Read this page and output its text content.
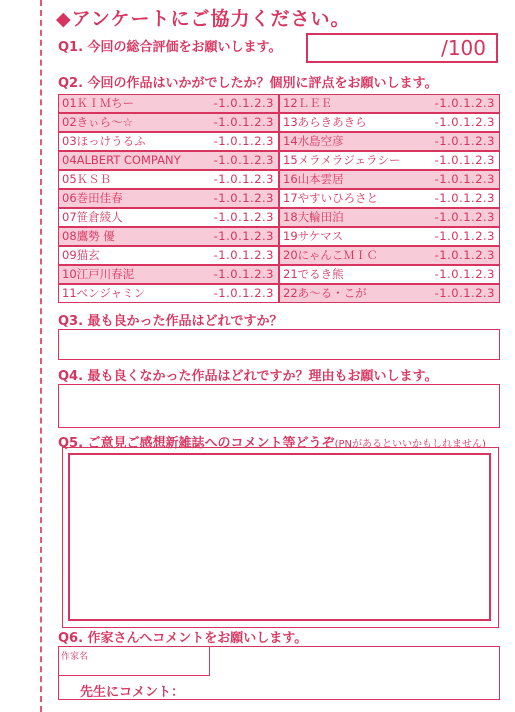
◆アンケートにご協力ください。
Q1. 今回の総合評価をお願いします。	/100
Q2. 今回の作品はいかがでしたか？個別に評点をお願いします。
01ＫＩＭちー	-1.0.1.2.3
02きぃら～☆	-1.0.1.2.3
03ほっけうるふ	-1.0.1.2.3
04ALBERT COMPANY	-1.0.1.2.3
05ＫＳＢ	-1.0.1.2.3
06巻田佳春	-1.0.1.2.3
07笹倉綾人	-1.0.1.2.3
08鷹勢 優	-1.0.1.2.3
09猫玄	-1.0.1.2.3
10江戸川春泥	-1.0.1.2.3
11ベンジャミン	-1.0.1.2.3
12ＬＥＥ	-1.0.1.2.3
13あらきあきら	-1.0.1.2.3
14水島空彦	-1.0.1.2.3
15メラメラジェラシー	-1.0.1.2.3
16山本雲居	-1.0.1.2.3
17やすいひろさと	-1.0.1.2.3
18大輪田泊	-1.0.1.2.3
19サケマス	-1.0.1.2.3
20にゃんこＭＩＣ	-1.0.1.2.3
21でるき熊	-1.0.1.2.3
22あ～る・こが	-1.0.1.2.3
Q3. 最も良かった作品はどれですか？
Q4. 最も良くなかった作品はどれですか？理由もお願いします。
Q5. ご意見ご感想新雑誌へのコメント等どうぞ(PNがあるといいかもしれません)
Q6. 作家さんへコメントをお願いします。
作家名
先生にコメント：
